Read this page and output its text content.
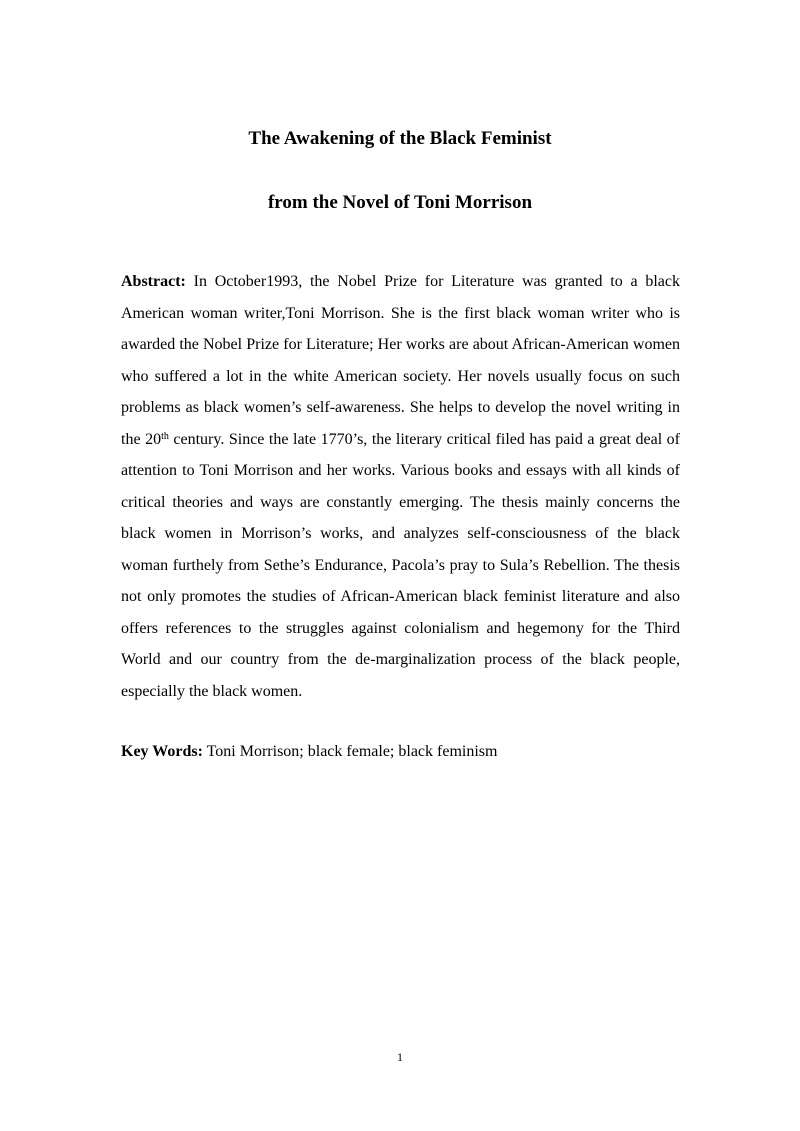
The Awakening of the Black Feminist
from the Novel of Toni Morrison

Abstract: In October1993, the Nobel Prize for Literature was granted to a black American woman writer,Toni Morrison. She is the first black woman writer who is awarded the Nobel Prize for Literature; Her works are about African-American women who suffered a lot in the white American society. Her novels usually focus on such problems as black women’s self-awareness. She helps to develop the novel writing in the 20th century. Since the late 1770’s, the literary critical filed has paid a great deal of attention to Toni Morrison and her works. Various books and essays with all kinds of critical theories and ways are constantly emerging. The thesis mainly concerns the black women in Morrison’s works, and analyzes self-consciousness of the black woman furthely from Sethe’s Endurance, Pacola’s pray to Sula’s Rebellion. The thesis not only promotes the studies of African-American black feminist literature and also offers references to the struggles against colonialism and hegemony for the Third World and our country from the de-marginalization process of the black people, especially the black women.

Key Words: Toni Morrison; black female; black feminism

1
